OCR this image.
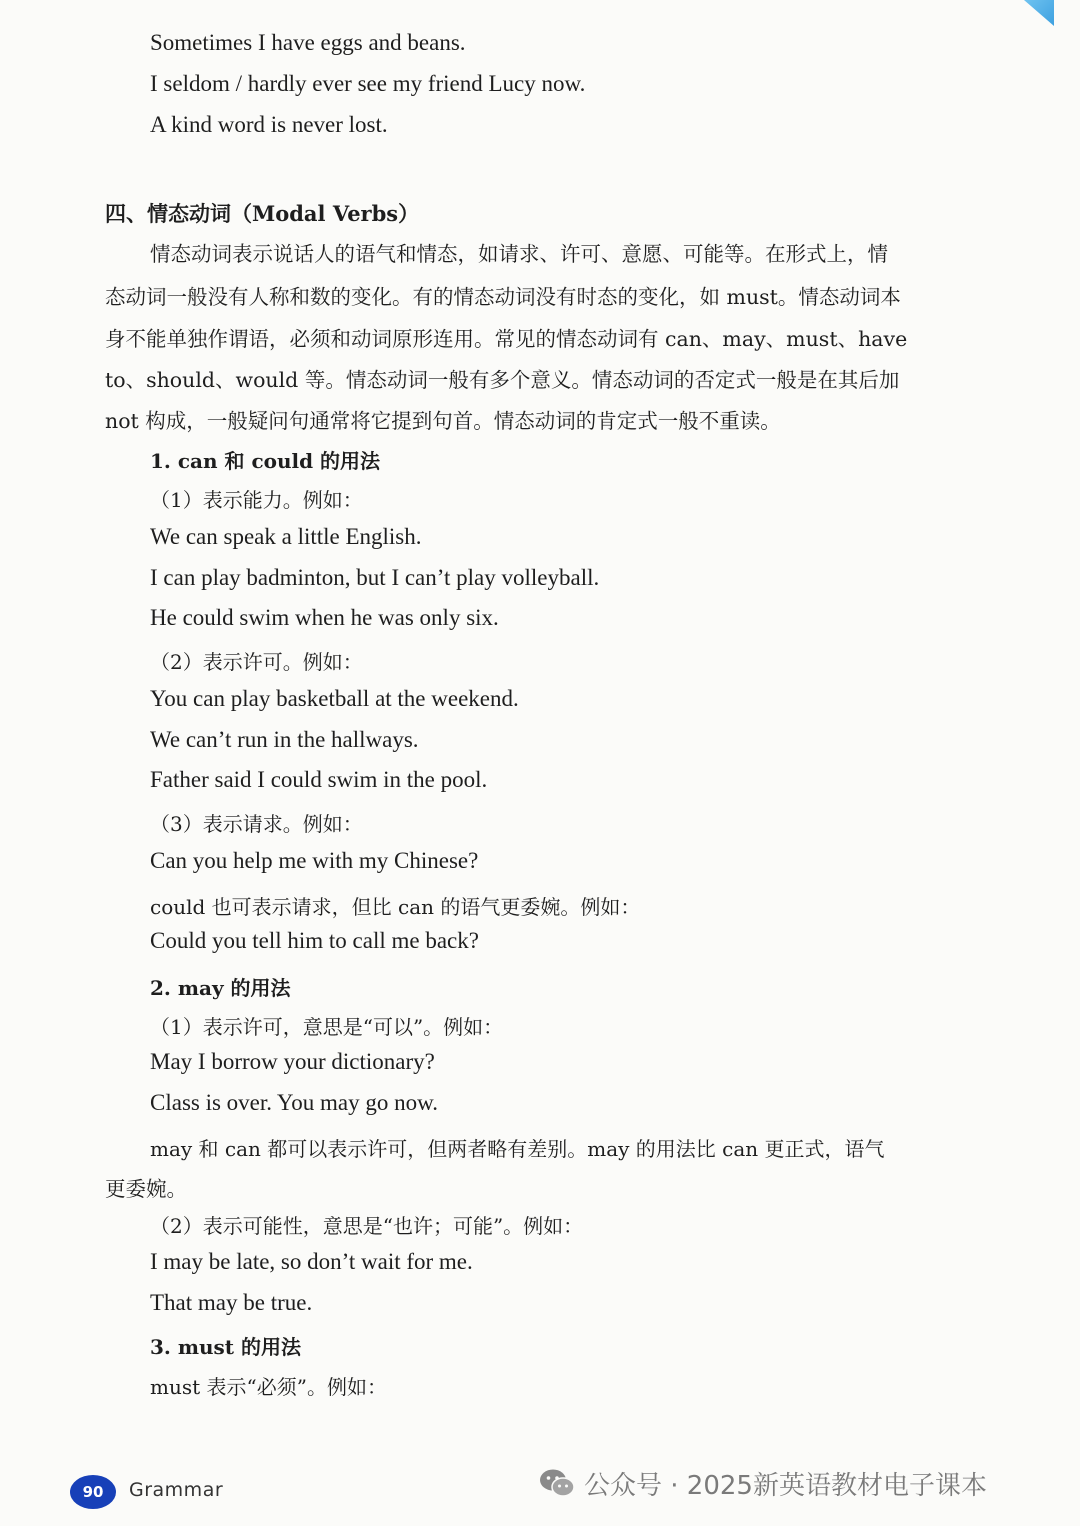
Sometimes I have eggs and beans.
I seldom / hardly ever see my friend Lucy now.
A kind word is never lost.
四、情态动词（Modal Verbs）
情态动词表示说话人的语气和情态，如请求、许可、意愿、可能等。在形式上，情
态动词一般没有人称和数的变化。有的情态动词没有时态的变化，如 must。情态动词本
身不能单独作谓语，必须和动词原形连用。常见的情态动词有 can、may、must、have
to、should、would 等。情态动词一般有多个意义。情态动词的否定式一般是在其后加
not 构成，一般疑问句通常将它提到句首。情态动词的肯定式一般不重读。
1. can 和 could 的用法
（1）表示能力。例如：
We can speak a little English.
I can play badminton, but I can’t play volleyball.
He could swim when he was only six.
（2）表示许可。例如：
You can play basketball at the weekend.
We can’t run in the hallways.
Father said I could swim in the pool.
（3）表示请求。例如：
Can you help me with my Chinese?
could 也可表示请求，但比 can 的语气更委婉。例如：
Could you tell him to call me back?
2. may 的用法
（1）表示许可，意思是“可以”。例如：
May I borrow your dictionary?
Class is over. You may go now.
may 和 can 都可以表示许可，但两者略有差别。may 的用法比 can 更正式，语气
更委婉。
（2）表示可能性，意思是“也许；可能”。例如：
I may be late, so don’t wait for me.
That may be true.
3. must 的用法
must 表示“必须”。例如：
90	Grammar	公众号 · 2025新英语教材电子课本
